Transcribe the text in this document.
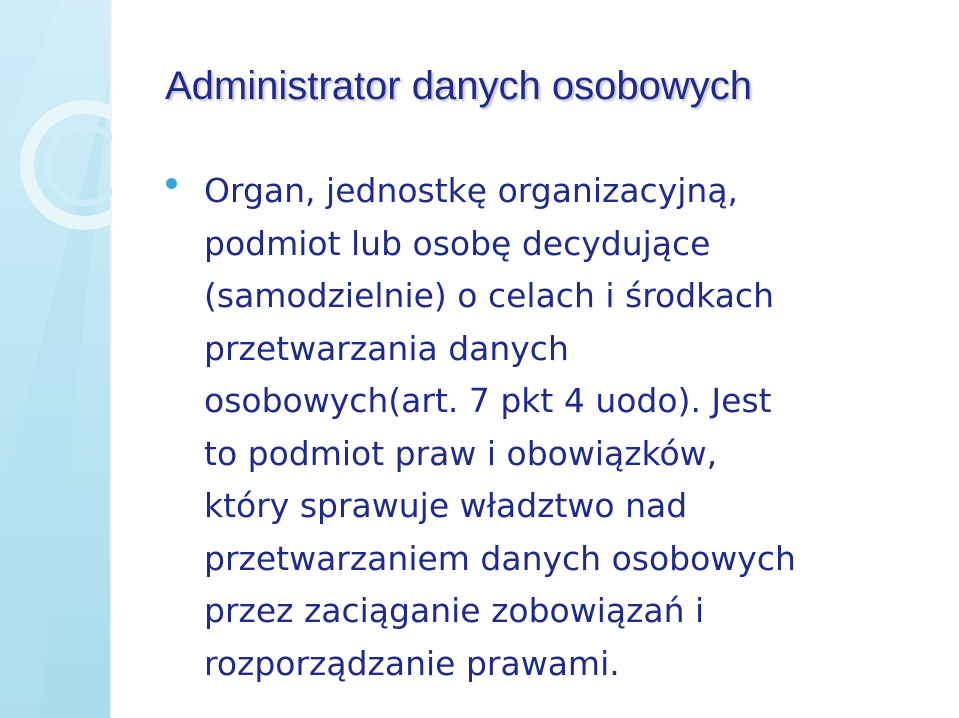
Administrator danych osobowych

Organ, jednostkę organizacyjną,
podmiot lub osobę decydujące
(samodzielnie) o celach i środkach
przetwarzania danych
osobowych(art. 7 pkt 4 uodo). Jest
to podmiot praw i obowiązków,
który sprawuje władztwo nad
przetwarzaniem danych osobowych
przez zaciąganie zobowiązań i
rozporządzanie prawami.
